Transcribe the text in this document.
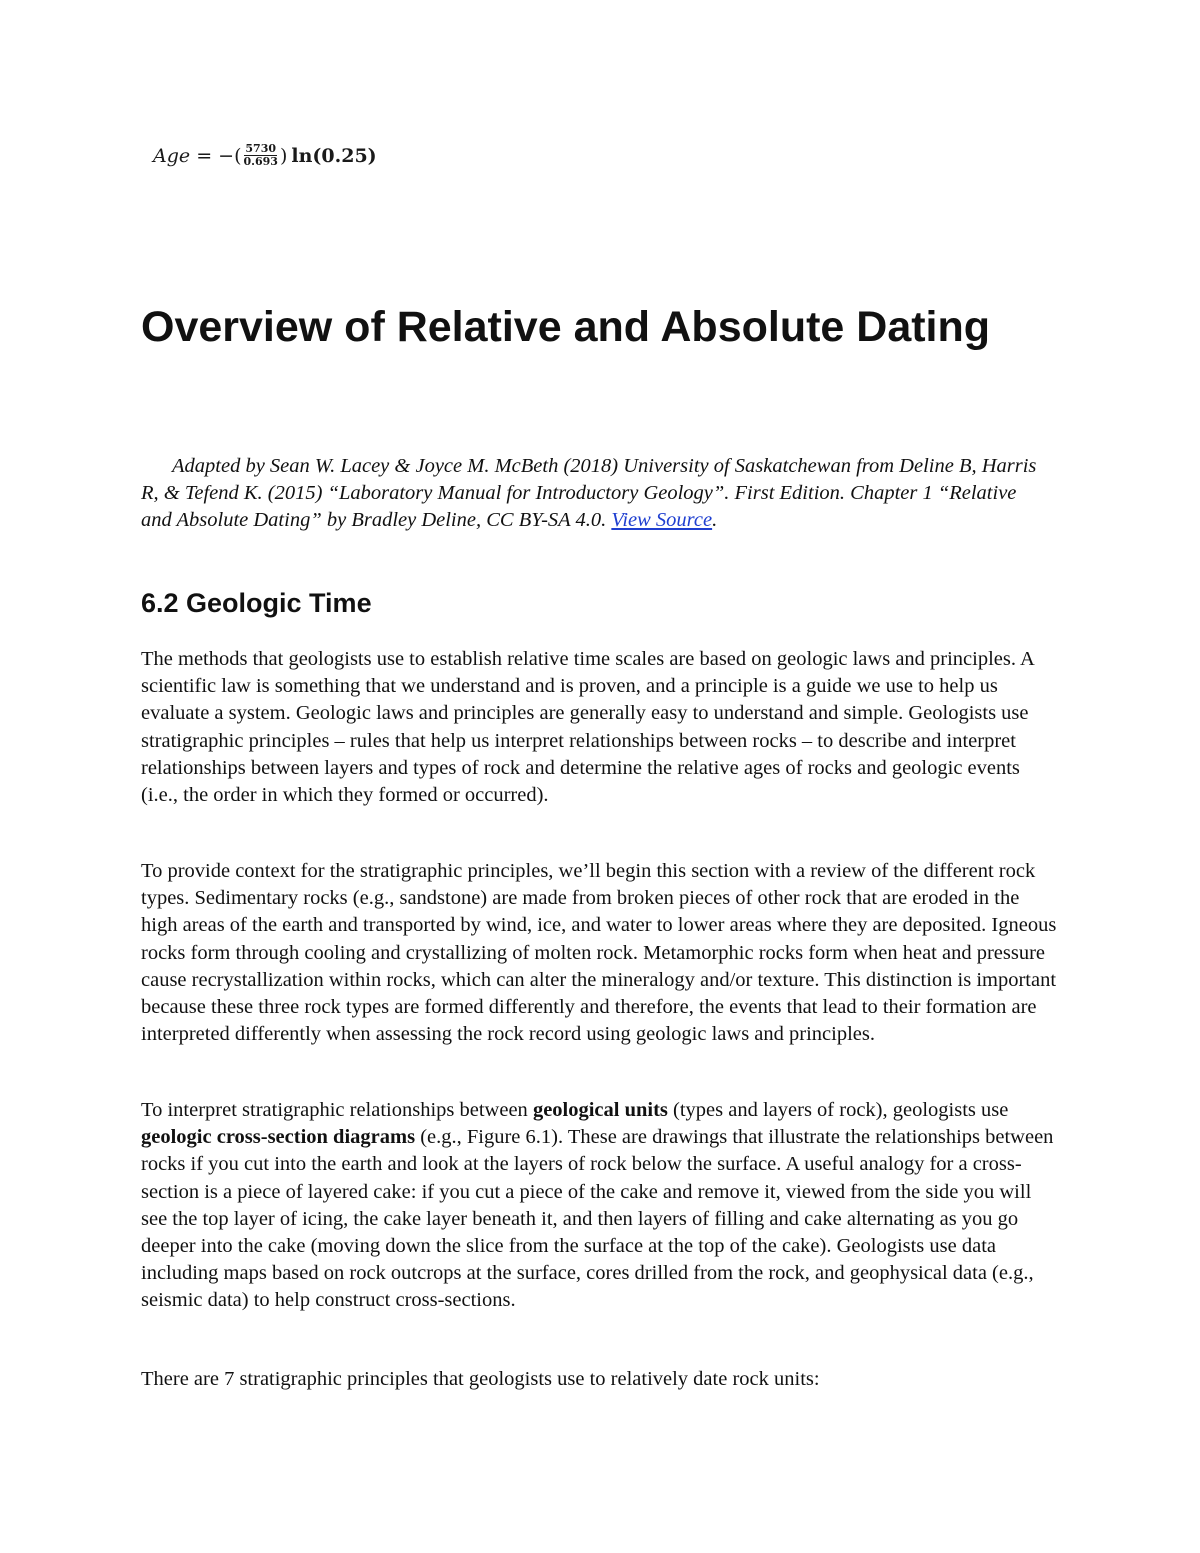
Age = −( $\frac{5730}{0.693}$ ) ln(0.25)
Overview of Relative and Absolute Dating

Adapted by Sean W. Lacey & Joyce M. McBeth (2018) University of Saskatchewan from Deline B, Harris R, & Tefend K. (2015) “Laboratory Manual for Introductory Geology”. First Edition. Chapter 1 “Relative and Absolute Dating” by Bradley Deline, CC BY-SA 4.0. View Source.

6.2 Geologic Time

The methods that geologists use to establish relative time scales are based on geologic laws and principles. A scientific law is something that we understand and is proven, and a principle is a guide we use to help us evaluate a system. Geologic laws and principles are generally easy to understand and simple. Geologists use stratigraphic principles – rules that help us interpret relationships between rocks – to describe and interpret relationships between layers and types of rock and determine the relative ages of rocks and geologic events (i.e., the order in which they formed or occurred).

To provide context for the stratigraphic principles, we’ll begin this section with a review of the different rock types. Sedimentary rocks (e.g., sandstone) are made from broken pieces of other rock that are eroded in the high areas of the earth and transported by wind, ice, and water to lower areas where they are deposited. Igneous rocks form through cooling and crystallizing of molten rock. Metamorphic rocks form when heat and pressure cause recrystallization within rocks, which can alter the mineralogy and/or texture. This distinction is important because these three rock types are formed differently and therefore, the events that lead to their formation are interpreted differently when assessing the rock record using geologic laws and principles.

To interpret stratigraphic relationships between geological units (types and layers of rock), geologists use geologic cross-section diagrams (e.g., Figure 6.1). These are drawings that illustrate the relationships between rocks if you cut into the earth and look at the layers of rock below the surface. A useful analogy for a cross-section is a piece of layered cake: if you cut a piece of the cake and remove it, viewed from the side you will see the top layer of icing, the cake layer beneath it, and then layers of filling and cake alternating as you go deeper into the cake (moving down the slice from the surface at the top of the cake). Geologists use data including maps based on rock outcrops at the surface, cores drilled from the rock, and geophysical data (e.g., seismic data) to help construct cross-sections.

There are 7 stratigraphic principles that geologists use to relatively date rock units:
